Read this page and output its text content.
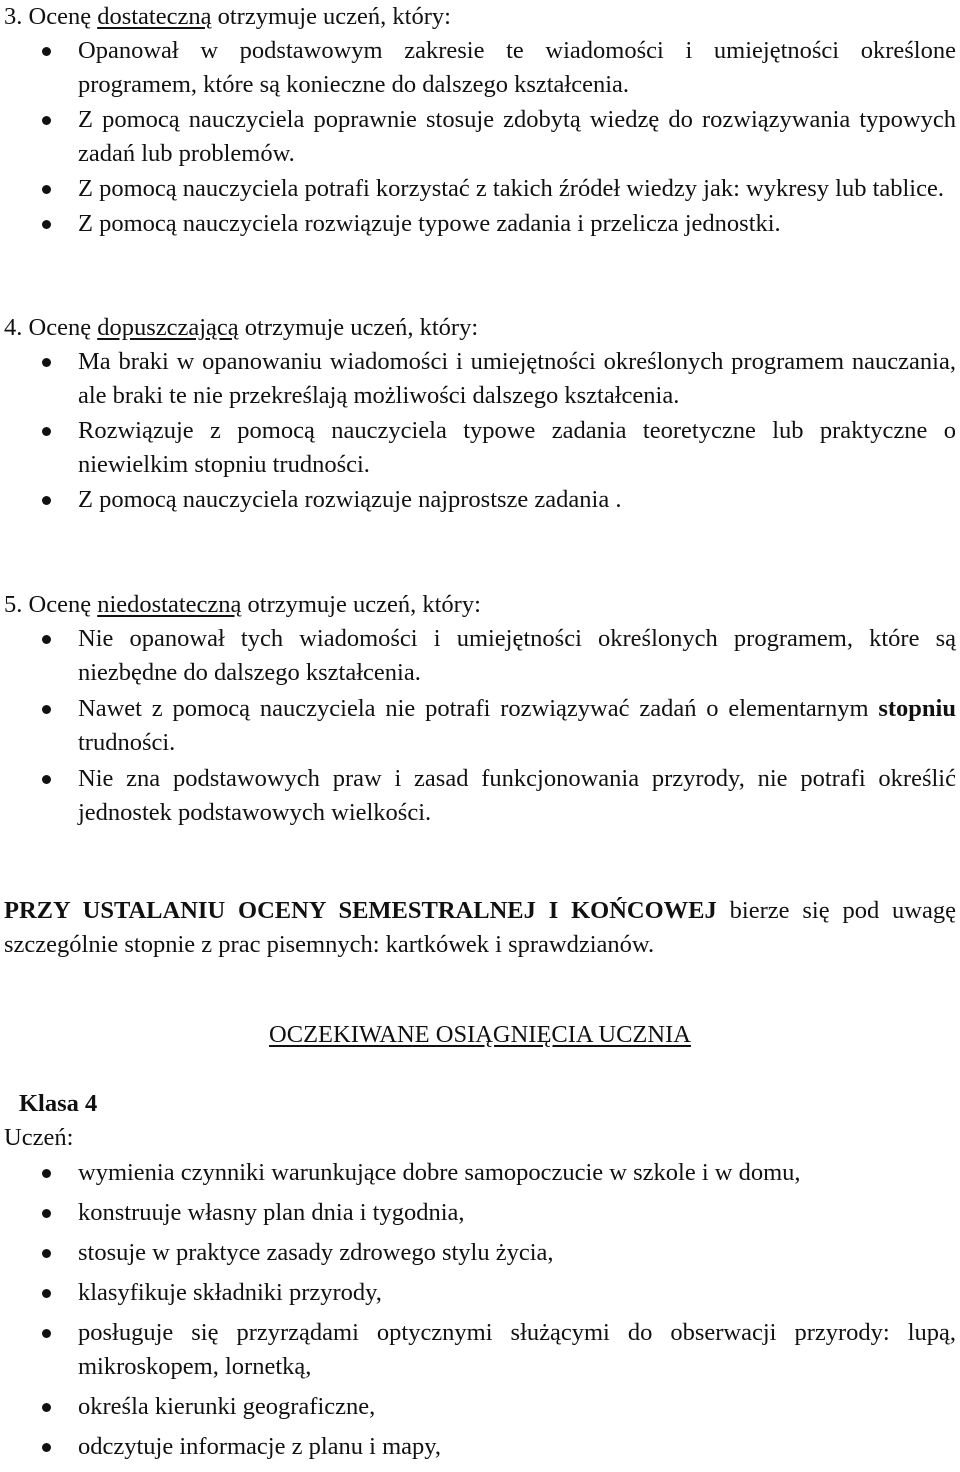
3. Ocenę dostateczną otrzymuje uczeń, który:
Opanował w podstawowym zakresie te wiadomości i umiejętności określone programem, które są konieczne do dalszego kształcenia.
Z pomocą nauczyciela poprawnie stosuje zdobytą wiedzę do rozwiązywania typowych zadań lub problemów.
Z pomocą nauczyciela potrafi korzystać z takich źródeł wiedzy jak: wykresy lub tablice.
Z pomocą nauczyciela rozwiązuje typowe zadania i przelicza jednostki.
4. Ocenę dopuszczającą otrzymuje uczeń, który:
Ma braki w opanowaniu wiadomości i umiejętności określonych programem nauczania, ale braki te nie przekreślają możliwości dalszego kształcenia.
Rozwiązuje z pomocą nauczyciela typowe zadania teoretyczne lub praktyczne o niewielkim stopniu trudności.
Z pomocą nauczyciela rozwiązuje najprostsze zadania .
5. Ocenę niedostateczną otrzymuje uczeń, który:
Nie opanował tych wiadomości i umiejętności określonych programem, które są niezbędne do dalszego kształcenia.
Nawet z pomocą nauczyciela nie potrafi rozwiązywać zadań o elementarnym stopniu trudności.
Nie zna podstawowych praw i zasad funkcjonowania przyrody, nie potrafi określić jednostek podstawowych wielkości.
PRZY USTALANIU OCENY SEMESTRALNEJ I KOŃCOWEJ bierze się pod uwagę szczególnie stopnie z prac pisemnych: kartkówek i sprawdzianów.
OCZEKIWANE OSIĄGNIĘCIA UCZNIA
Klasa 4
Uczeń:
wymienia czynniki warunkujące dobre samopoczucie w szkole i w domu,
konstruuje własny plan dnia i tygodnia,
stosuje w praktyce zasady zdrowego stylu życia,
klasyfikuje składniki przyrody,
posługuje się przyrządami optycznymi służącymi do obserwacji przyrody: lupą, mikroskopem, lornetką,
określa kierunki geograficzne,
odczytuje informacje z planu i mapy,
